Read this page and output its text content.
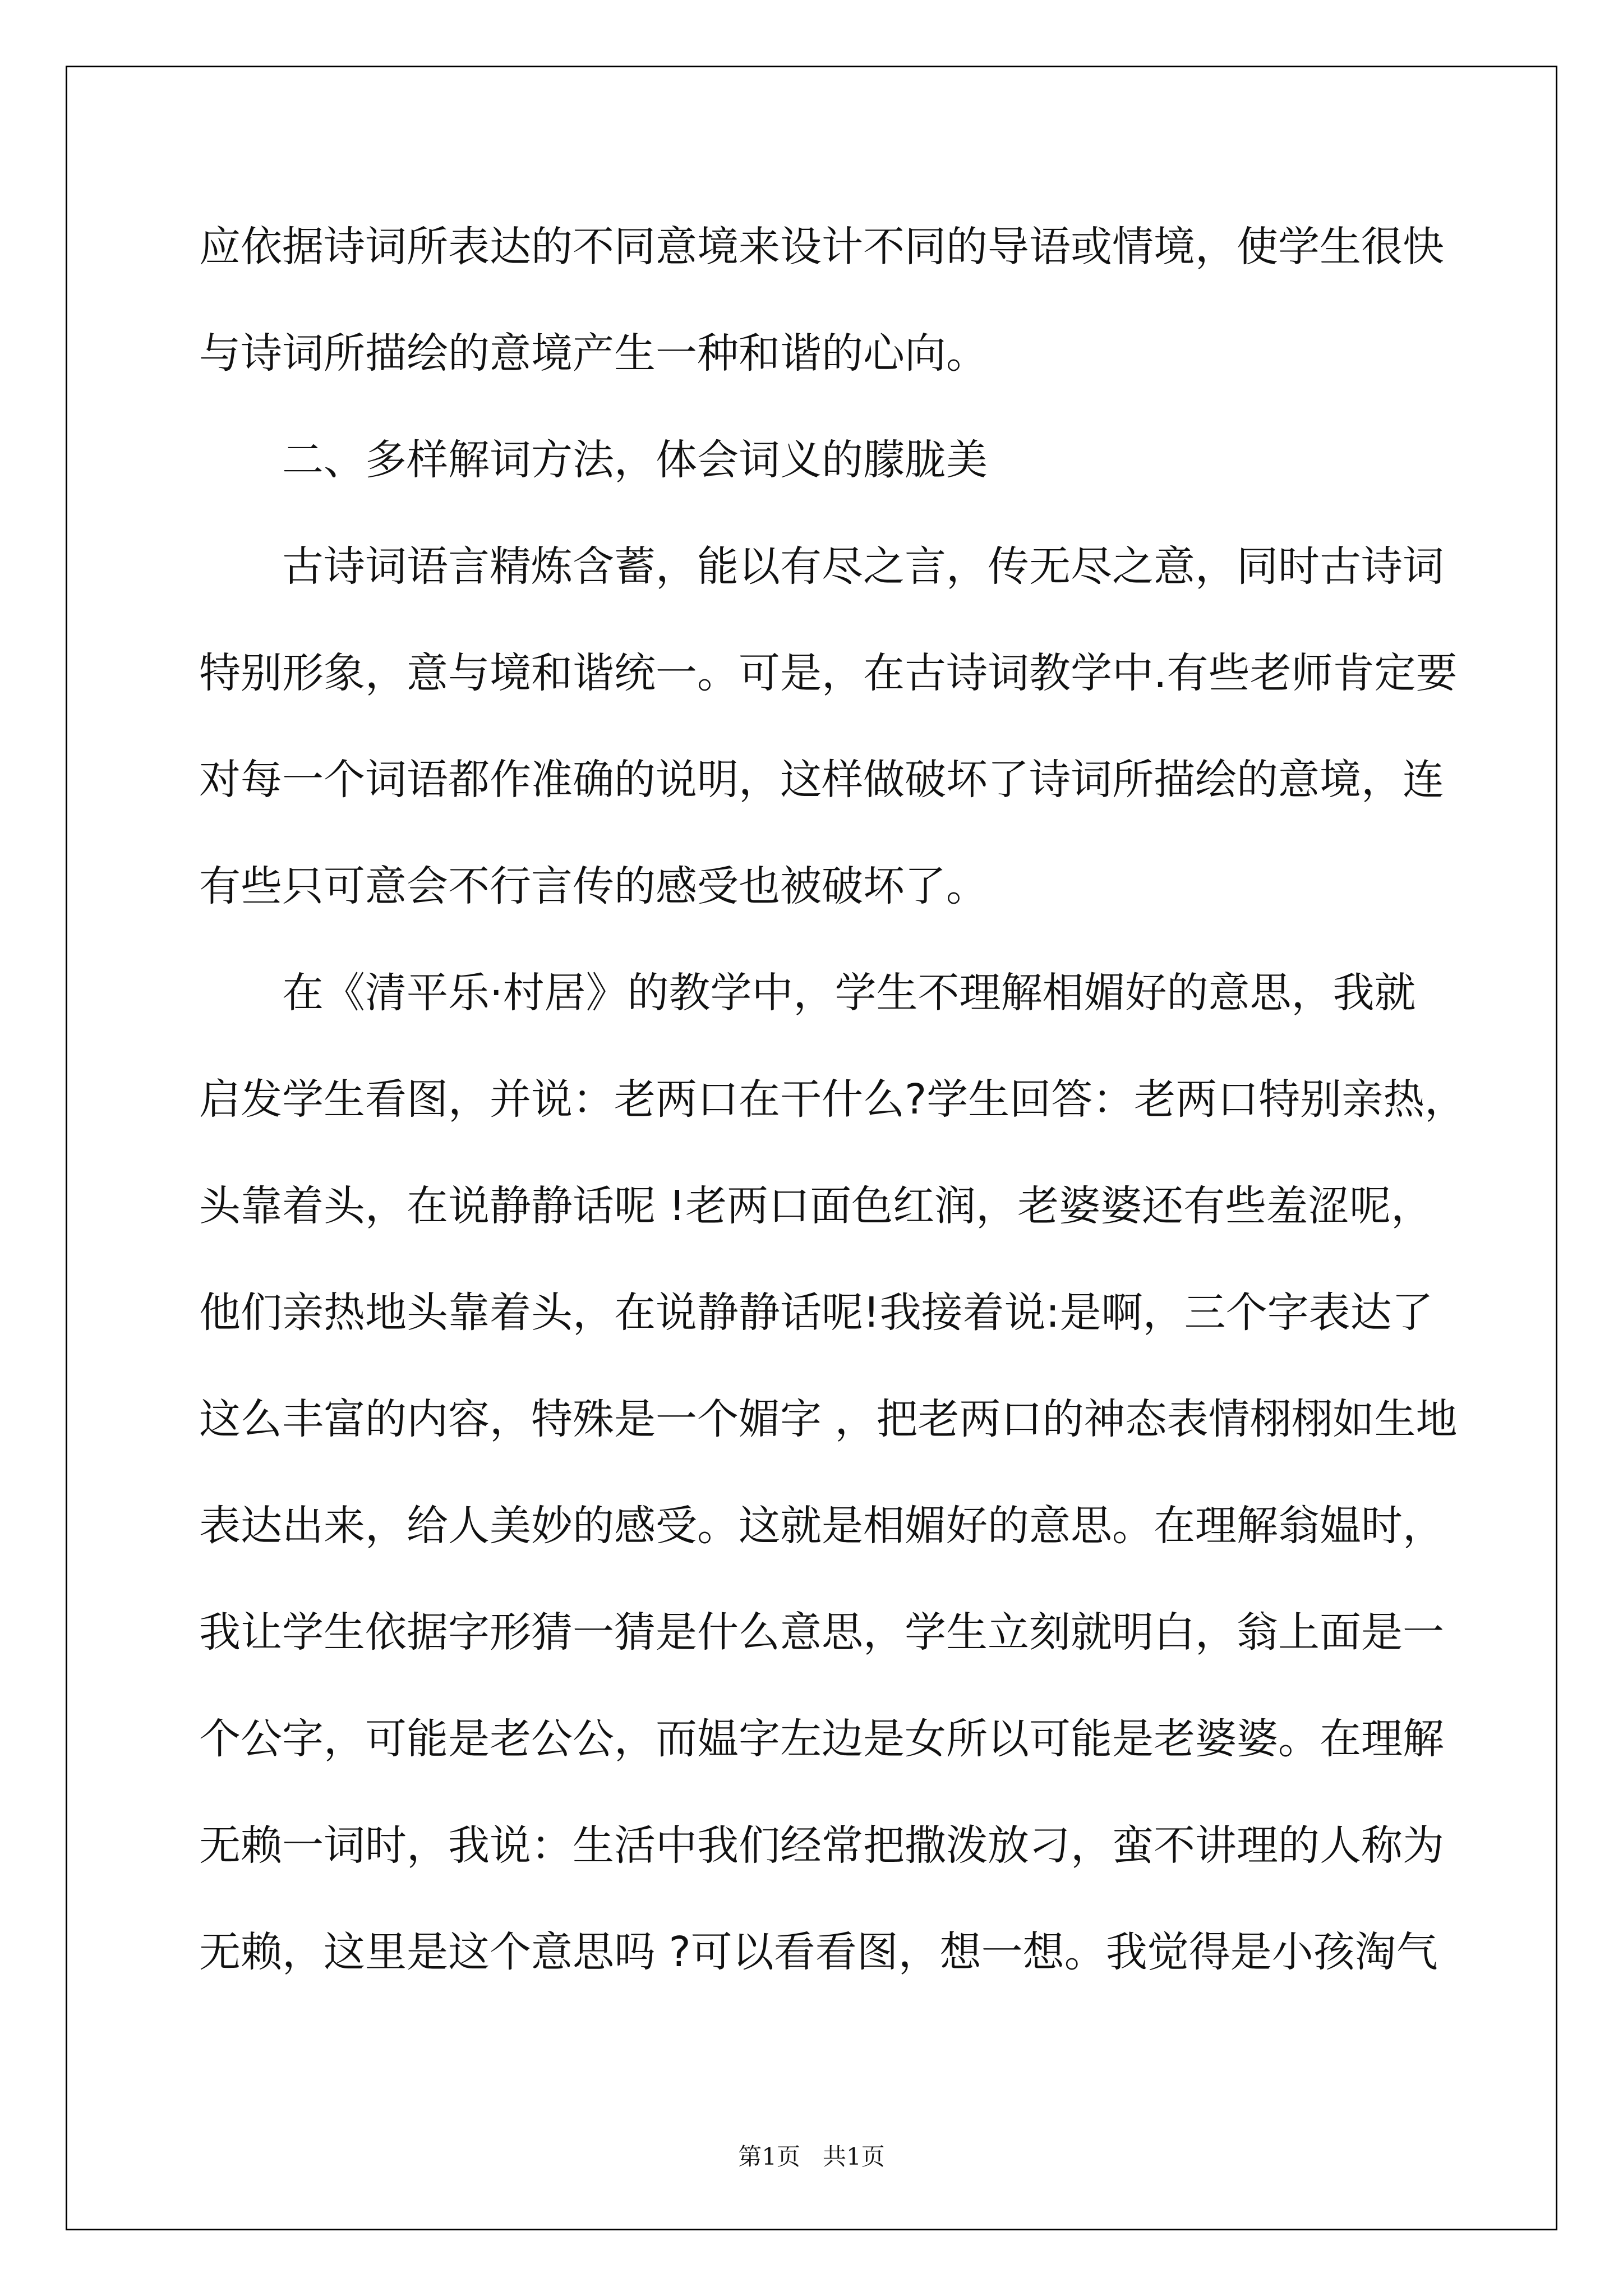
应依据诗词所表达的不同意境来设计不同的导语或情境，使学生很快
与诗词所描绘的意境产生一种和谐的心向。
二、多样解词方法，体会词义的朦胧美
古诗词语言精炼含蓄，能以有尽之言，传无尽之意，同时古诗词
特别形象，意与境和谐统一。可是，在古诗词教学中.有些老师肯定要
对每一个词语都作准确的说明，这样做破坏了诗词所描绘的意境，连
有些只可意会不行言传的感受也被破坏了。
在《清平乐·村居》的教学中，学生不理解相媚好的意思，我就
启发学生看图，并说：老两口在干什么?学生回答：老两口特别亲热，
头靠着头，在说静静话呢 !老两口面色红润，老婆婆还有些羞涩呢，
他们亲热地头靠着头，在说静静话呢!我接着说:是啊，三个字表达了
这么丰富的内容，特殊是一个媚字 ，把老两口的神态表情栩栩如生地
表达出来，给人美妙的感受。这就是相媚好的意思。在理解翁媪时，
我让学生依据字形猜一猜是什么意思，学生立刻就明白，翁上面是一
个公字，可能是老公公，而媪字左边是女所以可能是老婆婆。在理解
无赖一词时，我说：生活中我们经常把撒泼放刁，蛮不讲理的人称为
无赖，这里是这个意思吗 ?可以看看图，想一想。我觉得是小孩淘气
第1页   共1页
